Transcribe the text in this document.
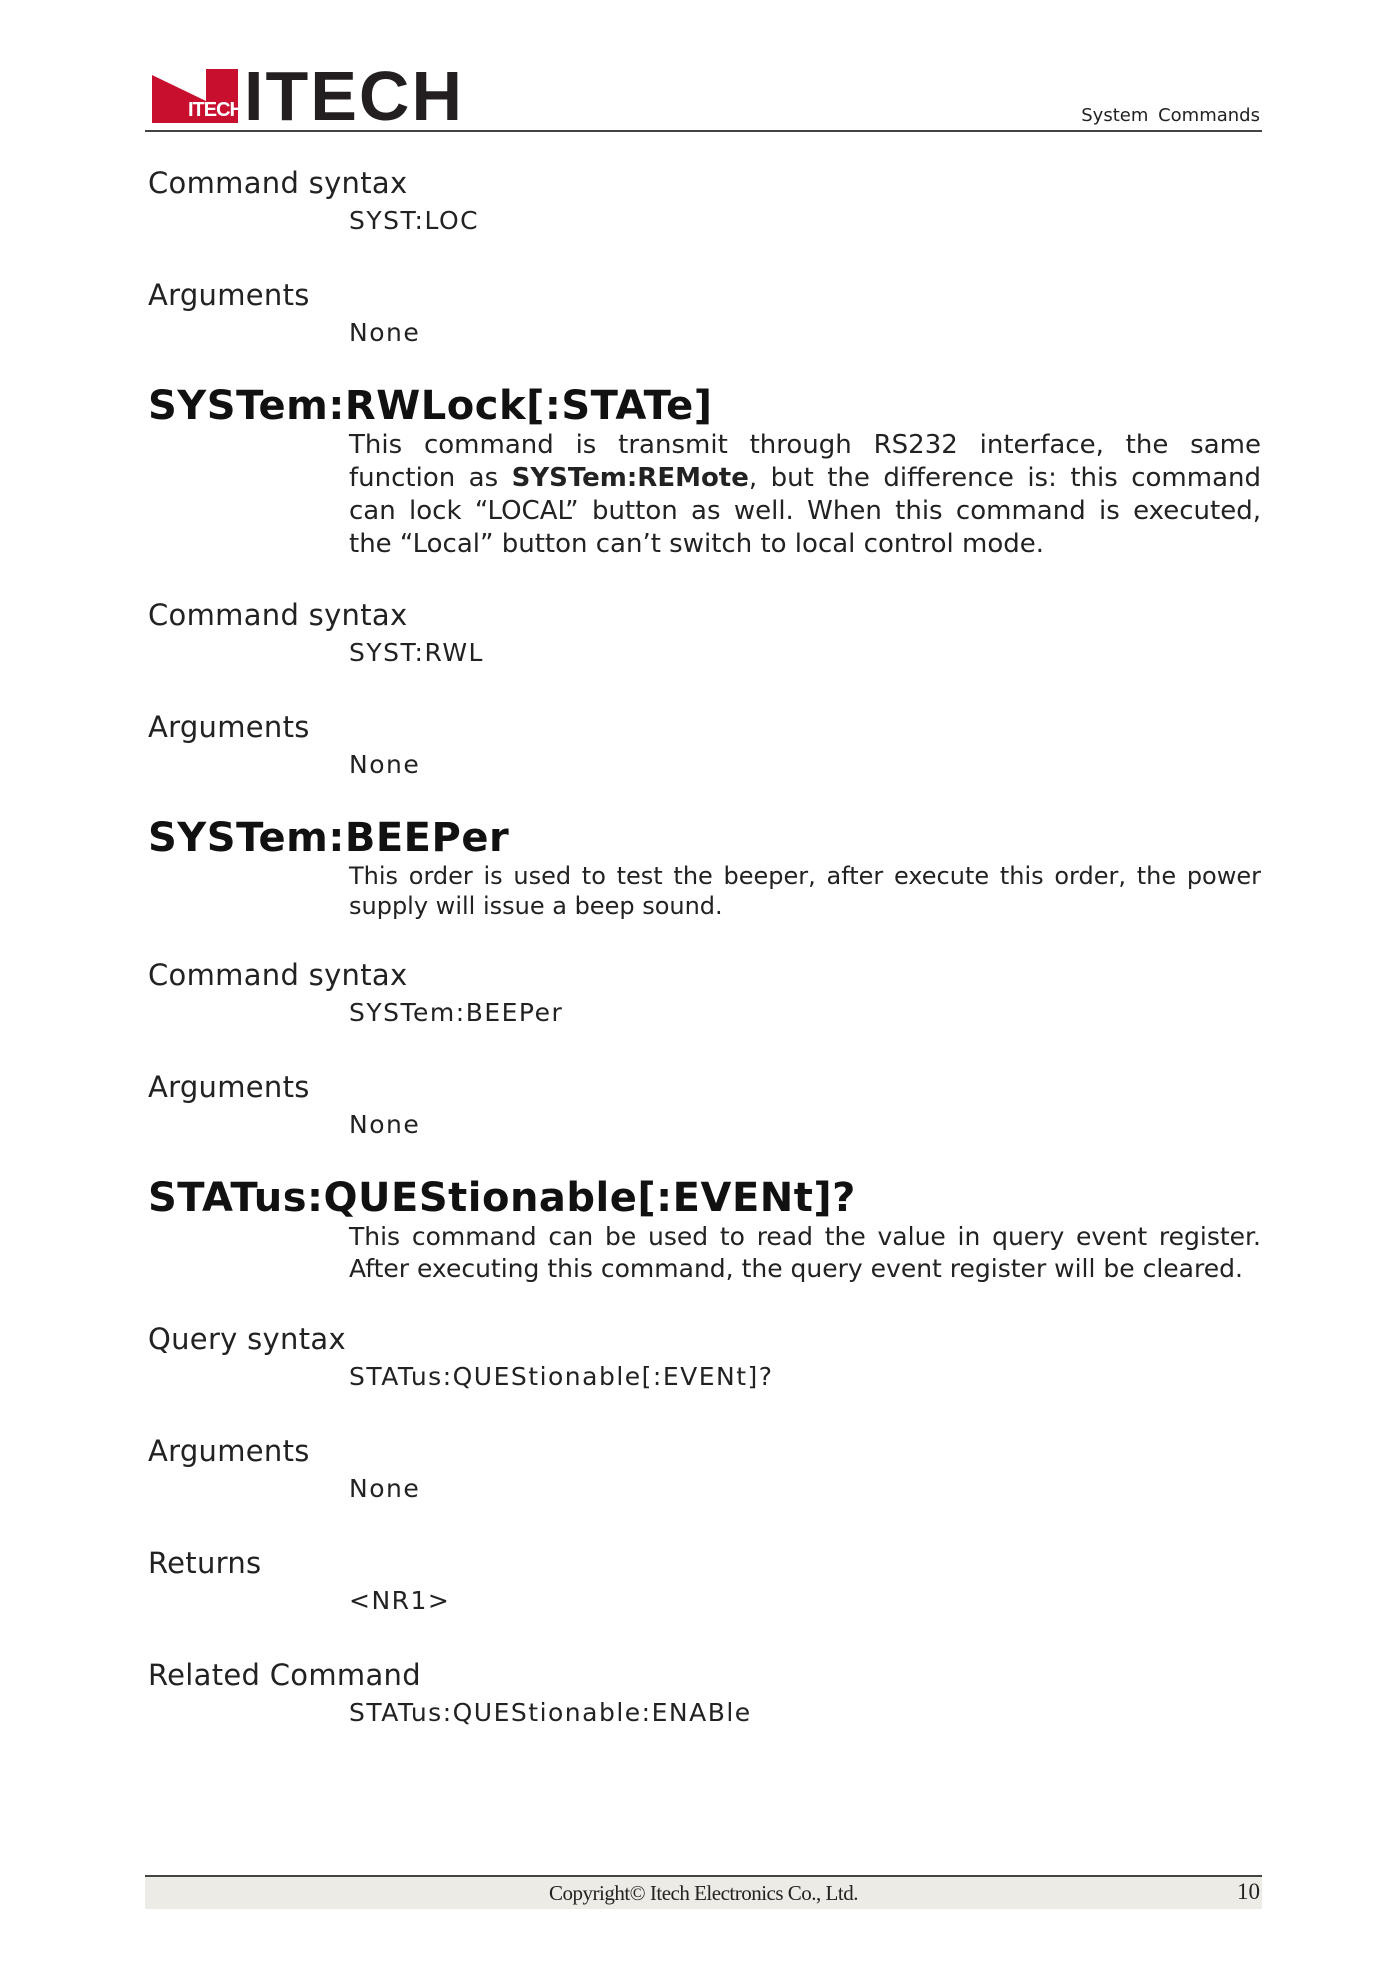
ITECH ITECH	System Commands
Command syntax
SYST:LOC
Arguments
None
SYSTem:RWLock[:STATe]
This command is transmit through RS232 interface, the same function as SYSTem:REMote, but the difference is: this command can lock “LOCAL” button as well. When this command is executed, the “Local” button can’t switch to local control mode.
Command syntax
SYST:RWL
Arguments
None
SYSTem:BEEPer
This order is used to test the beeper, after execute this order, the power supply will issue a beep sound.
Command syntax
SYSTem:BEEPer
Arguments
None
STATus:QUEStionable[:EVENt]?
This command can be used to read the value in query event register. After executing this command, the query event register will be cleared.
Query syntax
STATus:QUEStionable[:EVENt]?
Arguments
None
Returns
<NR1>
Related Command
STATus:QUEStionable:ENABle
Copyright© Itech Electronics Co., Ltd.	10
